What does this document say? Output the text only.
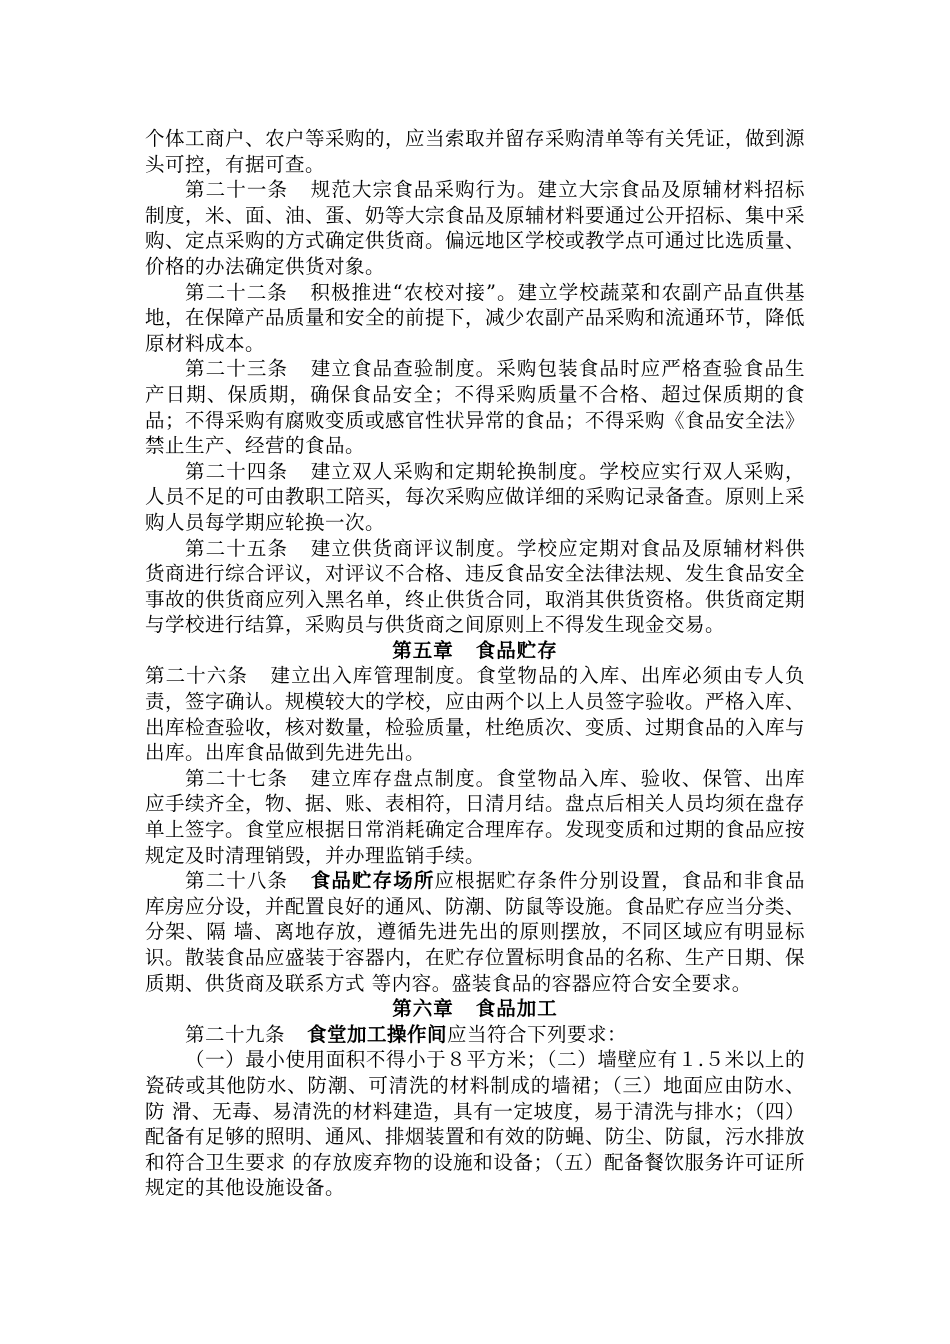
个体工商户、农户等采购的，应当索取并留存采购清单等有关凭证，做到源头可控，有据可查。

第二十一条 规范大宗食品采购行为。建立大宗食品及原辅材料招标制度，米、面、油、蛋、奶等大宗食品及原辅材料要通过公开招标、集中采购、定点采购的方式确定供货商。偏远地区学校或教学点可通过比选质量、价格的办法确定供货对象。

第二十二条 积极推进“农校对接”。建立学校蔬菜和农副产品直供基地，在保障产品质量和安全的前提下，减少农副产品采购和流通环节，降低原材料成本。

第二十三条 建立食品查验制度。采购包装食品时应严格查验食品生产日期、保质期，确保食品安全；不得采购质量不合格、超过保质期的食品；不得采购有腐败变质或感官性状异常的食品；不得采购《食品安全法》禁止生产、经营的食品。

第二十四条 建立双人采购和定期轮换制度。学校应实行双人采购，人员不足的可由教职工陪买，每次采购应做详细的采购记录备查。原则上采购人员每学期应轮换一次。

第二十五条 建立供货商评议制度。学校应定期对食品及原辅材料供货商进行综合评议，对评议不合格、违反食品安全法律法规、发生食品安全事故的供货商应列入黑名单，终止供货合同，取消其供货资格。供货商定期与学校进行结算，采购员与供货商之间原则上不得发生现金交易。

第五章 食品贮存

第二十六条 建立出入库管理制度。食堂物品的入库、出库必须由专人负责，签字确认。规模较大的学校，应由两个以上人员签字验收。严格入库、出库检查验收，核对数量，检验质量，杜绝质次、变质、过期食品的入库与出库。出库食品做到先进先出。

第二十七条 建立库存盘点制度。食堂物品入库、验收、保管、出库应手续齐全，物、据、账、表相符，日清月结。盘点后相关人员均须在盘存单上签字。食堂应根据日常消耗确定合理库存。发现变质和过期的食品应按规定及时清理销毁，并办理监销手续。

第二十八条 食品贮存场所应根据贮存条件分别设置，食品和非食品库房应分设，并配置良好的通风、防潮、防鼠等设施。食品贮存应当分类、分架、隔 墙、离地存放，遵循先进先出的原则摆放，不同区域应有明显标识。散装食品应盛装于容器内，在贮存位置标明食品的名称、生产日期、保质期、供货商及联系方式 等内容。盛装食品的容器应符合安全要求。

第六章 食品加工

第二十九条 食堂加工操作间应当符合下列要求：

（一）最小使用面积不得小于８平方米；（二）墙壁应有１.５米以上的瓷砖或其他防水、防潮、可清洗的材料制成的墙裙；（三）地面应由防水、防 滑、无毒、易清洗的材料建造，具有一定坡度，易于清洗与排水；（四）配备有足够的照明、通风、排烟装置和有效的防蝇、防尘、防鼠，污水排放和符合卫生要求 的存放废弃物的设施和设备；（五）配备餐饮服务许可证所规定的其他设施设备。
